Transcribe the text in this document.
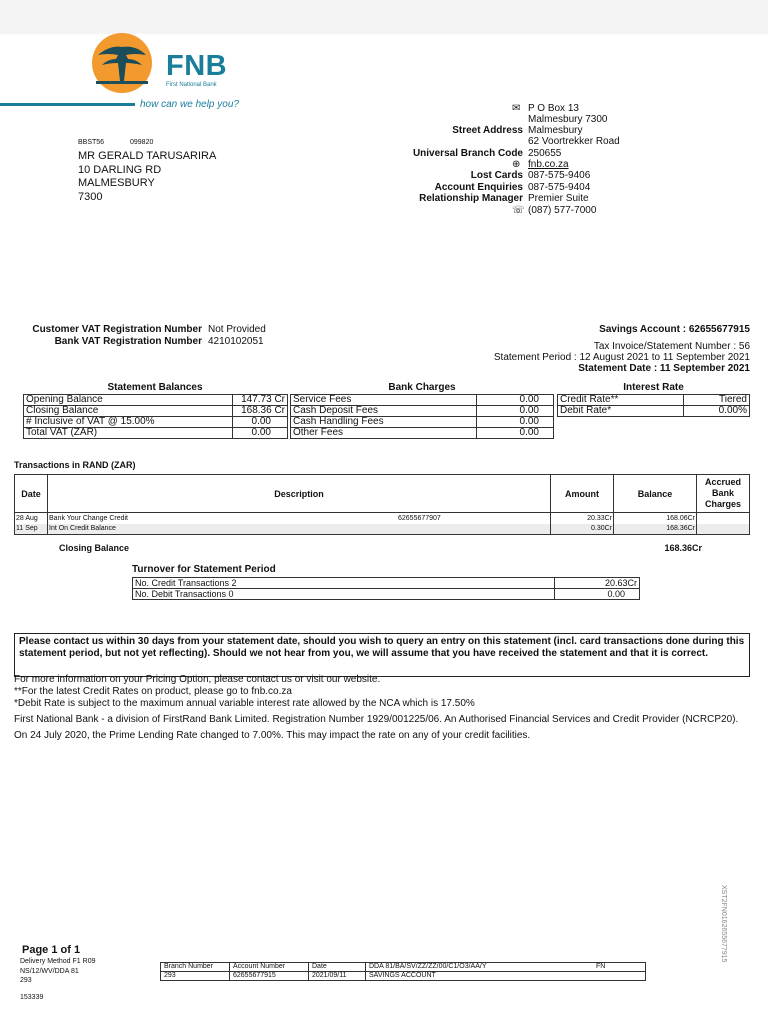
FNB
First National Bank
how can we help you?
BBST56	099820
MR GERALD TARUSARIRA
10 DARLING RD
MALMESBURY
7300
✉ P O Box 13
Malmesbury 7300
Street Address Malmesbury
62 Voortrekker Road
Universal Branch Code 250655
⊕ fnb.co.za
Lost Cards 087-575-9406
Account Enquiries 087-575-9404
Relationship Manager Premier Suite
☏ (087) 577-7000
Customer VAT Registration Number Not Provided
Bank VAT Registration Number 4210102051
Savings Account : 62655677915
Tax Invoice/Statement Number : 56
Statement Period : 12 August 2021 to 11 September 2021
Statement Date : 11 September 2021
Statement Balances	Bank Charges	Interest Rate
Opening Balance	147.73 Cr
Closing Balance	168.36 Cr
# Inclusive of VAT @ 15.00%	0.00
Total VAT (ZAR)	0.00
Service Fees	0.00
Cash Deposit Fees	0.00
Cash Handling Fees	0.00
Other Fees	0.00
Credit Rate**	Tiered
Debit Rate*	0.00%
Transactions in RAND (ZAR)
Date	Description	Amount	Balance	Accrued Bank Charges
28 Aug	Bank Your Change Credit 62655677907	20.33Cr	168.06Cr	
11 Sep	Int On Credit Balance	0.30Cr	168.36Cr	
Closing Balance	168.36Cr
Turnover for Statement Period
No. Credit Transactions 2	20.63Cr
No. Debit Transactions 0	0.00
Please contact us within 30 days from your statement date, should you wish to query an entry on this statement (incl. card transactions done during this statement period, but not yet reflecting). Should we not hear from you, we will assume that you have received the statement and that it is correct.
For more information on your Pricing Option, please contact us or visit our website.
**For the latest Credit Rates on product, please go to fnb.co.za
*Debit Rate is subject to the maximum annual variable interest rate allowed by the NCA which is 17.50%
First National Bank - a division of FirstRand Bank Limited. Registration Number 1929/001225/06. An Authorised Financial Services and Credit Provider (NCRCP20).
On 24 July 2020, the Prime Lending Rate changed to 7.00%. This may impact the rate on any of your credit facilities.
XST2FN0162655677915
Page 1 of 1
Delivery Method F1 R09
NS/12/WV/DDA 81
293
153339
Branch Number	Account Number	Date	DDA 81/BA/SV/ZZ/ZZ/00/C1/O3/AA/Y FN

293	62655677915	2021/09/11	SAVINGS ACCOUNT
